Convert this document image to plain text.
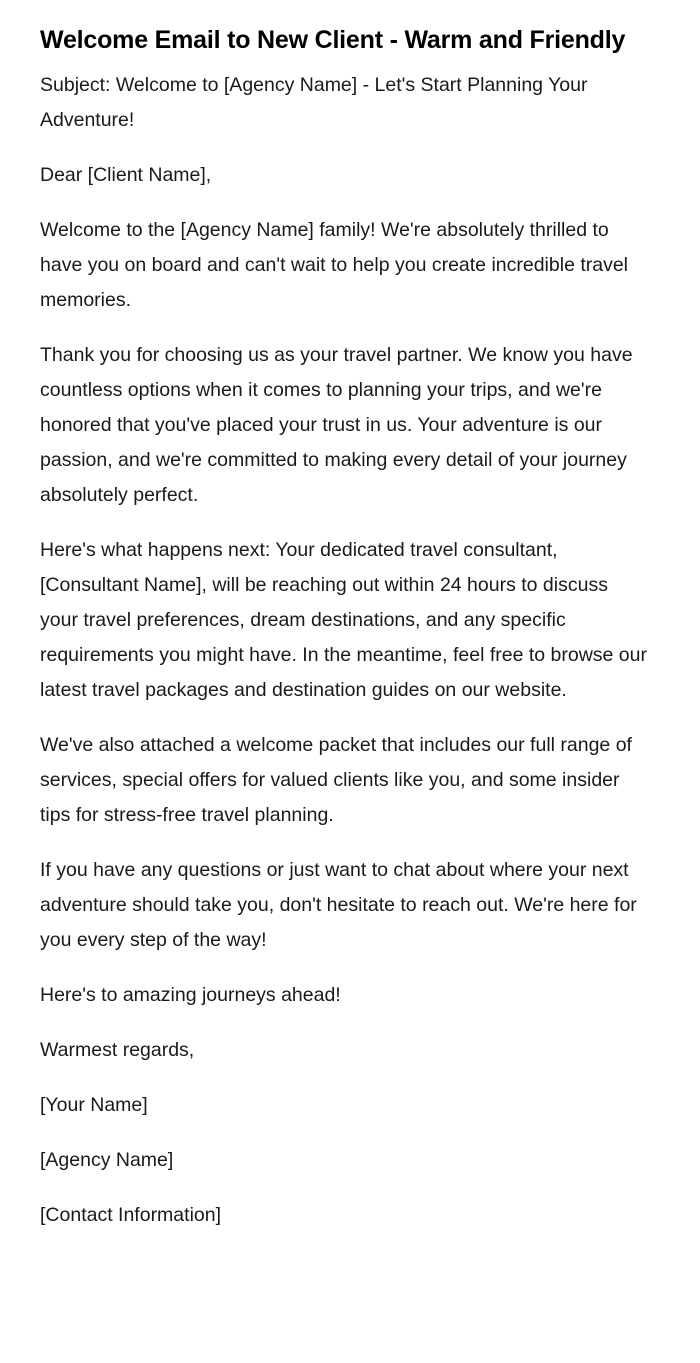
Welcome Email to New Client - Warm and Friendly

Subject: Welcome to [Agency Name] - Let's Start Planning Your Adventure!

Dear [Client Name],

Welcome to the [Agency Name] family! We're absolutely thrilled to have you on board and can't wait to help you create incredible travel memories.

Thank you for choosing us as your travel partner. We know you have countless options when it comes to planning your trips, and we're honored that you've placed your trust in us. Your adventure is our passion, and we're committed to making every detail of your journey absolutely perfect.

Here's what happens next: Your dedicated travel consultant, [Consultant Name], will be reaching out within 24 hours to discuss your travel preferences, dream destinations, and any specific requirements you might have. In the meantime, feel free to browse our latest travel packages and destination guides on our website.

We've also attached a welcome packet that includes our full range of services, special offers for valued clients like you, and some insider tips for stress-free travel planning.

If you have any questions or just want to chat about where your next adventure should take you, don't hesitate to reach out. We're here for you every step of the way!

Here's to amazing journeys ahead!

Warmest regards,

[Your Name]

[Agency Name]

[Contact Information]
